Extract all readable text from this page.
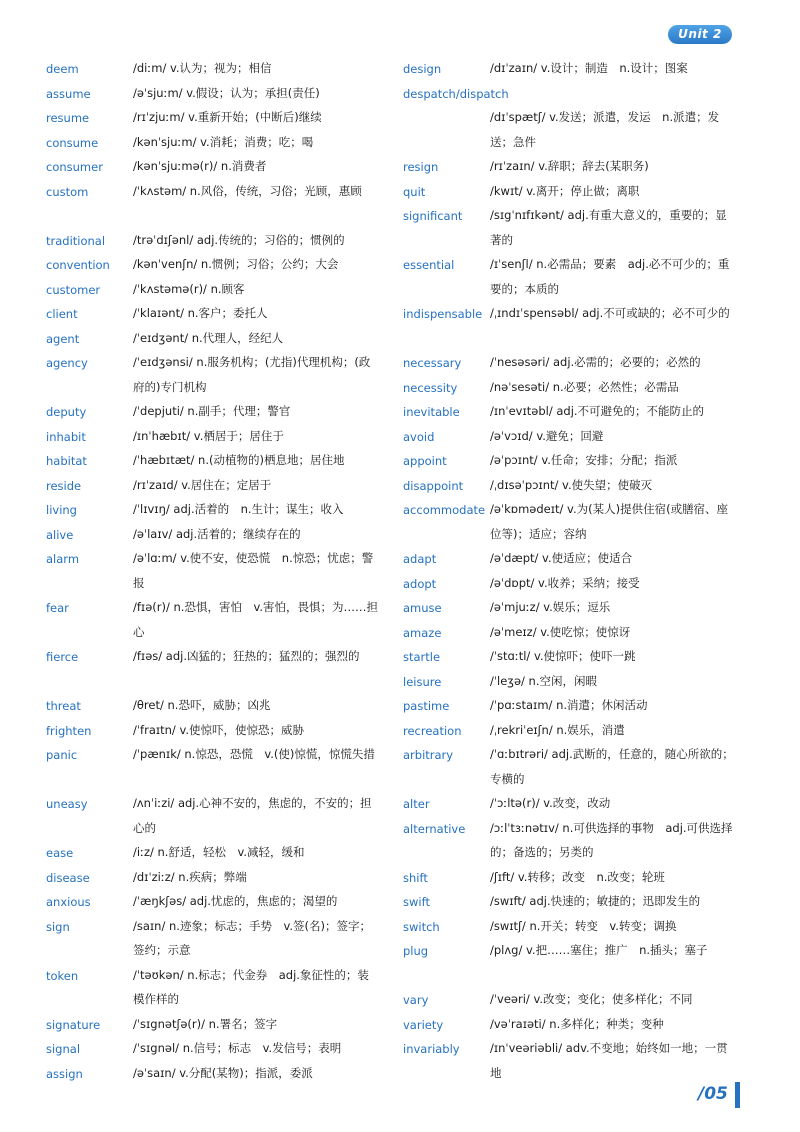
Unit 2
deem	/diːm/ v.认为；视为；相信
assume	/əˈsjuːm/ v.假设；认为；承担(责任)
resume	/rɪˈzjuːm/ v.重新开始；(中断后)继续
consume	/kənˈsjuːm/ v.消耗；消费；吃；喝
consumer	/kənˈsjuːmə(r)/ n.消费者
custom	/ˈkʌstəm/ n.风俗，传统，习俗；光顾，惠顾
traditional /trəˈdɪʃənl/ adj.传统的；习俗的；惯例的
convention /kənˈvenʃn/ n.惯例；习俗；公约；大会
customer	/ˈkʌstəmə(r)/ n.顾客
client	/ˈklaɪənt/ n.客户；委托人
agent	/ˈeɪdʒənt/ n.代理人，经纪人
agency	/ˈeɪdʒənsi/ n.服务机构；(尤指)代理机构；(政府的)专门机构
deputy	/ˈdepjuti/ n.副手；代理；警官
inhabit	/ɪnˈhæbɪt/ v.栖居于；居住于
habitat	/ˈhæbɪtæt/ n.(动植物的)栖息地；居住地
reside	/rɪˈzaɪd/ v.居住在；定居于
living	/ˈlɪvɪŋ/ adj.活着的　n.生计；谋生；收入
alive	/əˈlaɪv/ adj.活着的；继续存在的
alarm	/əˈlɑːm/ v.使不安，使恐慌　n.惊恐；忧虑；警报
fear	/fɪə(r)/ n.恐惧，害怕　v.害怕，畏惧；为……担心
fierce	/fɪəs/ adj.凶猛的；狂热的；猛烈的；强烈的
threat	/θret/ n.恐吓，威胁；凶兆
frighten	/ˈfraɪtn/ v.使惊吓，使惊恐；威胁
panic	/ˈpænɪk/ n.惊恐，恐慌　v.(使)惊慌，惊慌失措
uneasy	/ʌnˈiːzi/ adj.心神不安的，焦虑的，不安的；担心的
ease	/iːz/ n.舒适，轻松　v.减轻，缓和
disease	/dɪˈziːz/ n.疾病；弊端
anxious	/ˈæŋkʃəs/ adj.忧虑的，焦虑的；渴望的
sign	/saɪn/ n.迹象；标志；手势　v.签(名)；签字；签约；示意
token	/ˈtəʊkən/ n.标志；代金券　adj.象征性的；装模作样的
signature	/ˈsɪgnətʃə(r)/ n.署名；签字
signal	/ˈsɪgnəl/ n.信号；标志　v.发信号；表明
assign	/əˈsaɪn/ v.分配(某物)；指派，委派
design	/dɪˈzaɪn/ v.设计；制造　n.设计；图案
despatch/dispatch
/dɪˈspætʃ/ v.发送；派遣，发运　n.派遣；发送；急件
resign	/rɪˈzaɪn/ v.辞职；辞去(某职务)
quit	/kwɪt/ v.离开；停止做；离职
significant /sɪgˈnɪfɪkənt/ adj.有重大意义的，重要的；显著的
essential	/ɪˈsenʃl/ n.必需品；要素　adj.必不可少的；重要的；本质的
indispensable /ˌɪndɪˈspensəbl/ adj.不可或缺的；必不可少的
necessary /ˈnesəsəri/ adj.必需的；必要的；必然的
necessity	/nəˈsesəti/ n.必要；必然性；必需品
inevitable	/ɪnˈevɪtəbl/ adj.不可避免的；不能防止的
avoid	/əˈvɔɪd/ v.避免；回避
appoint	/əˈpɔɪnt/ v.任命；安排；分配；指派
disappoint /ˌdɪsəˈpɔɪnt/ v.使失望；使破灭
accommodate /əˈkɒmədeɪt/ v.为(某人)提供住宿(或膳宿、座位等)；适应；容纳
adapt	/əˈdæpt/ v.使适应；使适合
adopt	/əˈdɒpt/ v.收养；采纳；接受
amuse	/əˈmjuːz/ v.娱乐；逗乐
amaze	/əˈmeɪz/ v.使吃惊；使惊讶
startle	/ˈstɑːtl/ v.使惊吓；使吓一跳
leisure	/ˈleʒə/ n.空闲，闲暇
pastime	/ˈpɑːstaɪm/ n.消遣；休闲活动
recreation /ˌrekriˈeɪʃn/ n.娱乐，消遣
arbitrary	/ˈɑːbɪtrəri/ adj.武断的，任意的，随心所欲的；专横的
alter	/ˈɔːltə(r)/ v.改变，改动
alternative /ɔːlˈtɜːnətɪv/ n.可供选择的事物　adj.可供选择的；备选的；另类的
shift	/ʃɪft/ v.转移；改变　n.改变；轮班
swift	/swɪft/ adj.快速的；敏捷的；迅即发生的
switch	/swɪtʃ/ n.开关；转变　v.转变；调换
plug	/plʌg/ v.把……塞住；推广　n.插头；塞子
vary	/ˈveəri/ v.改变；变化；使多样化；不同
variety	/vəˈraɪəti/ n.多样化；种类；变种
invariably	/ɪnˈveəriəbli/ adv.不变地；始终如一地；一贯地
/05
